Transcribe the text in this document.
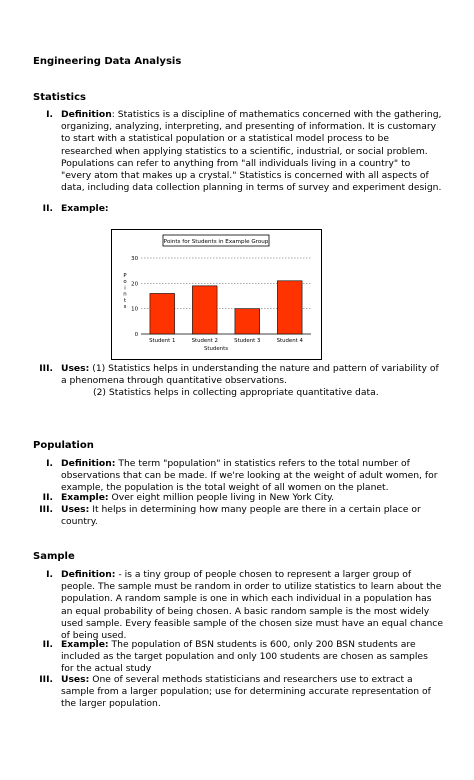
Engineering Data Analysis
Statistics
I. Definition: Statistics is a discipline of mathematics concerned with the gathering, organizing, analyzing, interpreting, and presenting of information. It is customary to start with a statistical population or a statistical model process to be researched when applying statistics to a scientific, industrial, or social problem. Populations can refer to anything from "all individuals living in a country" to "every atom that makes up a crystal." Statistics is concerned with all aspects of data, including data collection planning in terms of survey and experiment design.
II. Example:
Points for Students in Example Group
0
10
20
30
Student 1	Student 2	Student 3	Student 4
Students
P o i n t s
III. Uses: (1) Statistics helps in understanding the nature and pattern of variability of a phenomena through quantitative observations.
(2) Statistics helps in collecting appropriate quantitative data.
Population
I. Definition: The term "population" in statistics refers to the total number of observations that can be made. If we're looking at the weight of adult women, for example, the population is the total weight of all women on the planet.
II. Example: Over eight million people living in New York City.
III. Uses: It helps in determining how many people are there in a certain place or country.
Sample
I. Definition: - is a tiny group of people chosen to represent a larger group of people. The sample must be random in order to utilize statistics to learn about the population. A random sample is one in which each individual in a population has an equal probability of being chosen. A basic random sample is the most widely used sample. Every feasible sample of the chosen size must have an equal chance of being used.
II. Example: The population of BSN students is 600, only 200 BSN students are included as the target population and only 100 students are chosen as samples for the actual study
III. Uses: One of several methods statisticians and researchers use to extract a sample from a larger population; use for determining accurate representation of the larger population.
